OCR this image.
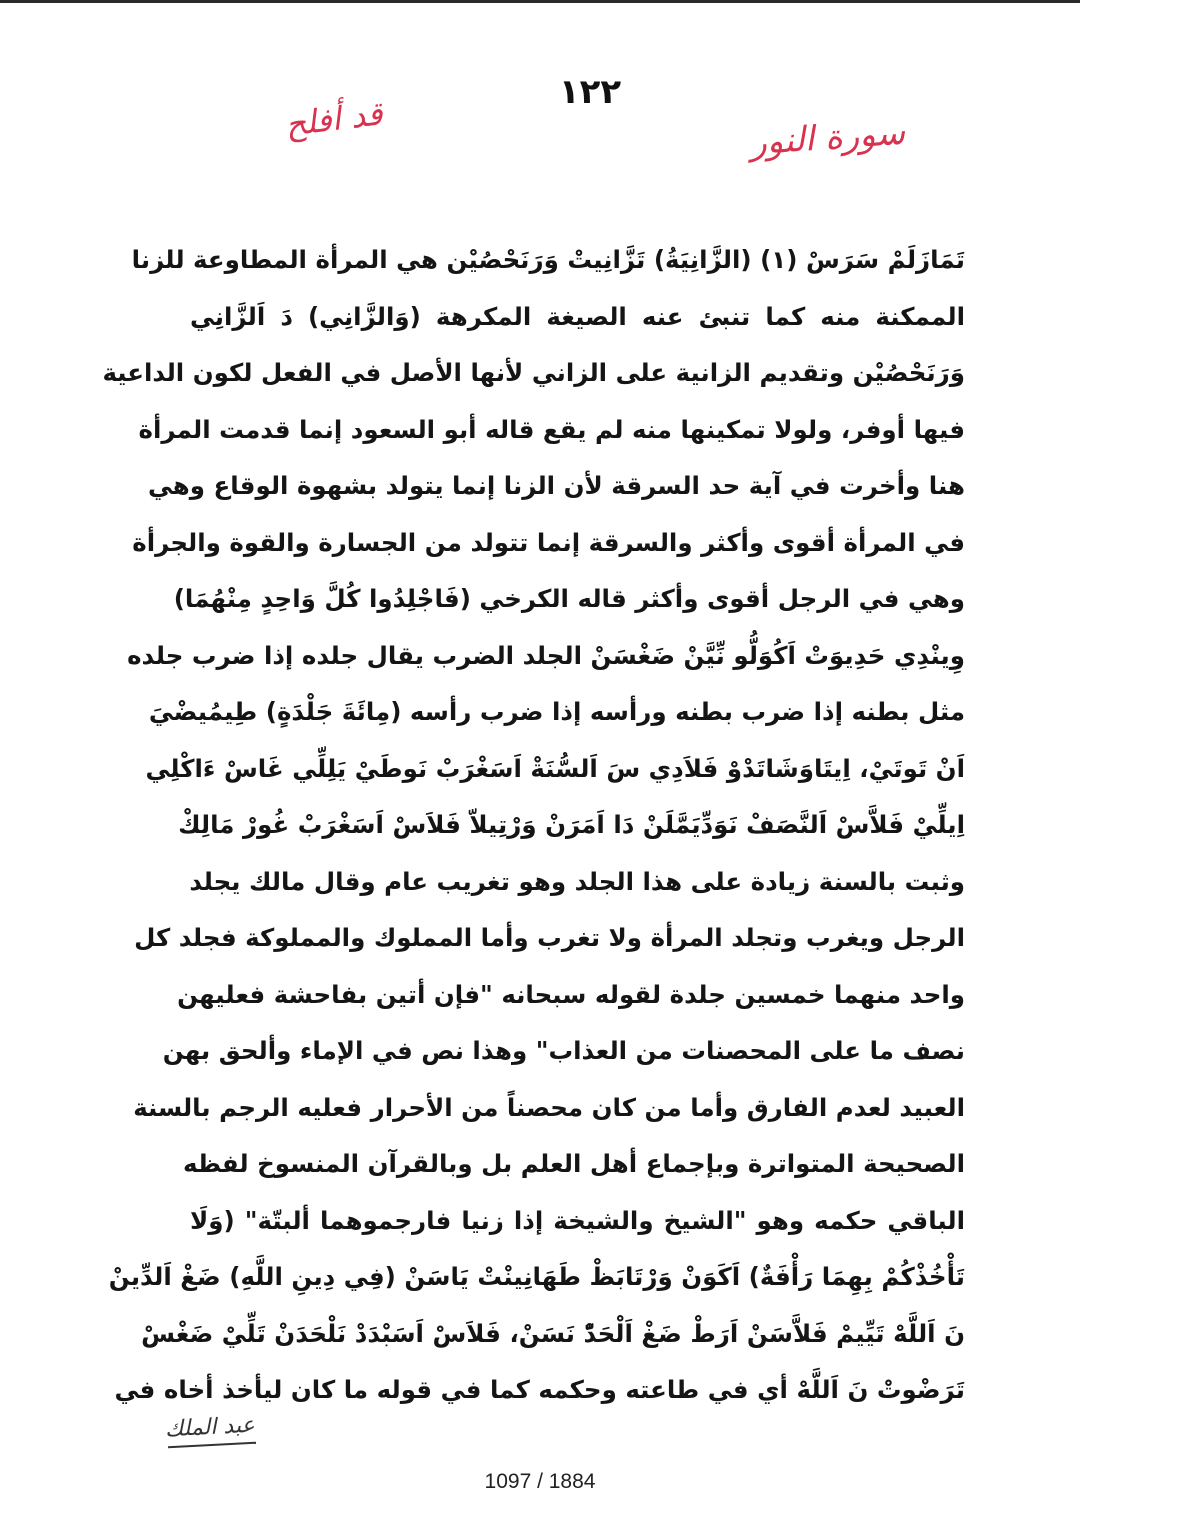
١٢٢
قد أفلح	سورة النور
تَمَازَلَمْ سَرَسْ (١) (الزَّانِيَةُ) تَزَّانِيتْ وَرَنَحْصُيْن هي المرأة المطاوعة للزنا
الممكنة منه كما تنبئ عنه الصيغة المكرهة (وَالزَّانِي) دَ اَلزَّانِي
وَرَنَحْصُيْن وتقديم الزانية على الزاني لأنها الأصل في الفعل لكون الداعية
فيها أوفر، ولولا تمكينها منه لم يقع قاله أبو السعود إنما قدمت المرأة
هنا وأخرت في آية حد السرقة لأن الزنا إنما يتولد بشهوة الوقاع وهي
في المرأة أقوى وأكثر والسرقة إنما تتولد من الجسارة والقوة والجرأة
وهي في الرجل أقوى وأكثر قاله الكرخي (فَاجْلِدُوا كُلَّ وَاحِدٍ مِنْهُمَا)
وِينْدِي حَدِيوَتْ اَكُوَلُّو نِّيَّنْ ضَغْسَنْ الجلد الضرب يقال جلده إذا ضرب جلده
مثل بطنه إذا ضرب بطنه ورأسه إذا ضرب رأسه (مِائَةَ جَلْدَةٍ) طِيمُيضْيَ
اَنْ تَوتَيْ، اِيتَاوَشَاتَدْوْ فَلاَدِي سَ اَلسُّنَةْ اَسَغْرَبْ نَوطَيْ يَلِلِّي غَاسْ ءَاكْلِي
اِيلِّيْ فَلاَّسْ اَلنَّصَفْ نَوَدِّيَمَّلَنْ دَا اَمَرَنْ وَرْتِيلاّ فَلاَسْ اَسَغْرَبْ غُورْ مَالِكْ
وثبت بالسنة زيادة على هذا الجلد وهو تغريب عام وقال مالك يجلد
الرجل ويغرب وتجلد المرأة ولا تغرب وأما المملوك والمملوكة فجلد كل
واحد منهما خمسين جلدة لقوله سبحانه "فإن أتين بفاحشة فعليهن
نصف ما على المحصنات من العذاب" وهذا نص في الإماء وألحق بهن
العبيد لعدم الفارق وأما من كان محصناً من الأحرار فعليه الرجم بالسنة
الصحيحة المتواترة وبإجماع أهل العلم بل وبالقرآن المنسوخ لفظه
الباقي حكمه وهو "الشيخ والشيخة إذا زنيا فارجموهما ألبتّة" (وَلَا
تَأْخُذْكُمْ بِهِمَا رَأْفَةٌ) اَكَوَنْ وَرْتَابَظْ طَهَانِينْتْ يَاسَنْ (فِي دِينِ اللَّهِ) ضَغْ اَلدِّينْ
نَ اَللَّهْ تَيِّيمْ فَلاَّسَنْ اَرَطْ ضَغْ اَلْحَدّْ نَسَنْ، فَلاَسْ اَسَبْدَدْ نَلْحَدَنْ تَلِّيْ ضَغْسْ
تَرَضْوتْ نَ اَللَّهْ أي في طاعته وحكمه كما في قوله ما كان ليأخذ أخاه في
عبد الملك
1097 / 1884
